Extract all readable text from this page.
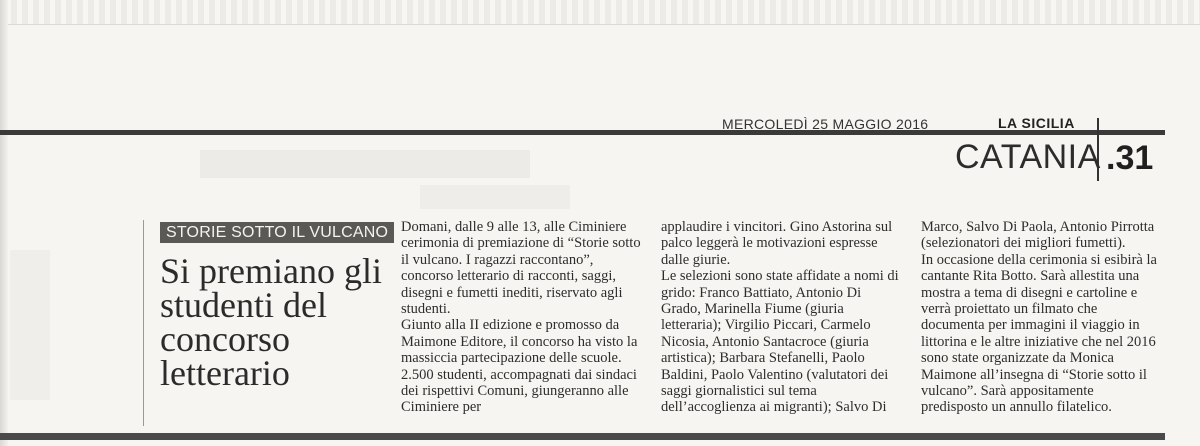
MERCOLEDÌ 25 MAGGIO 2016	LA SICILIA
CATANIA .31
STORIE SOTTO IL VULCANO
Si premiano gli studenti del concorso letterario

Domani, dalle 9 alle 13, alle Ciminiere cerimonia di premiazione di “Storie sotto il vulcano. I ragazzi raccontano”, concorso letterario di racconti, saggi, disegni e fumetti inediti, riservato agli studenti.

Giunto alla II edizione e promosso da Maimone Editore, il concorso ha visto la massiccia partecipazione delle scuole. 2.500 studenti, accompagnati dai sindaci dei rispettivi Comuni, giungeranno alle Ciminiere per

applaudire i vincitori. Gino Astorina sul palco leggerà le motivazioni espresse dalle giurie.

Le selezioni sono state affidate a nomi di grido: Franco Battiato, Antonio Di Grado, Marinella Fiume (giuria letteraria); Virgilio Piccari, Carmelo Nicosia, Antonio Santacroce (giuria artistica); Barbara Stefanelli, Paolo Baldini, Paolo Valentino (valutatori dei saggi giornalistici sul tema dell’accoglienza ai migranti); Salvo Di

Marco, Salvo Di Paola, Antonio Pirrotta (selezionatori dei migliori fumetti).

In occasione della cerimonia si esibirà la cantante Rita Botto. Sarà allestita una mostra a tema di disegni e cartoline e verrà proiettato un filmato che documenta per immagini il viaggio in littorina e le altre iniziative che nel 2016 sono state organizzate da Monica Maimone all’insegna di “Storie sotto il vulcano”. Sarà appositamente predisposto un annullo filatelico.
